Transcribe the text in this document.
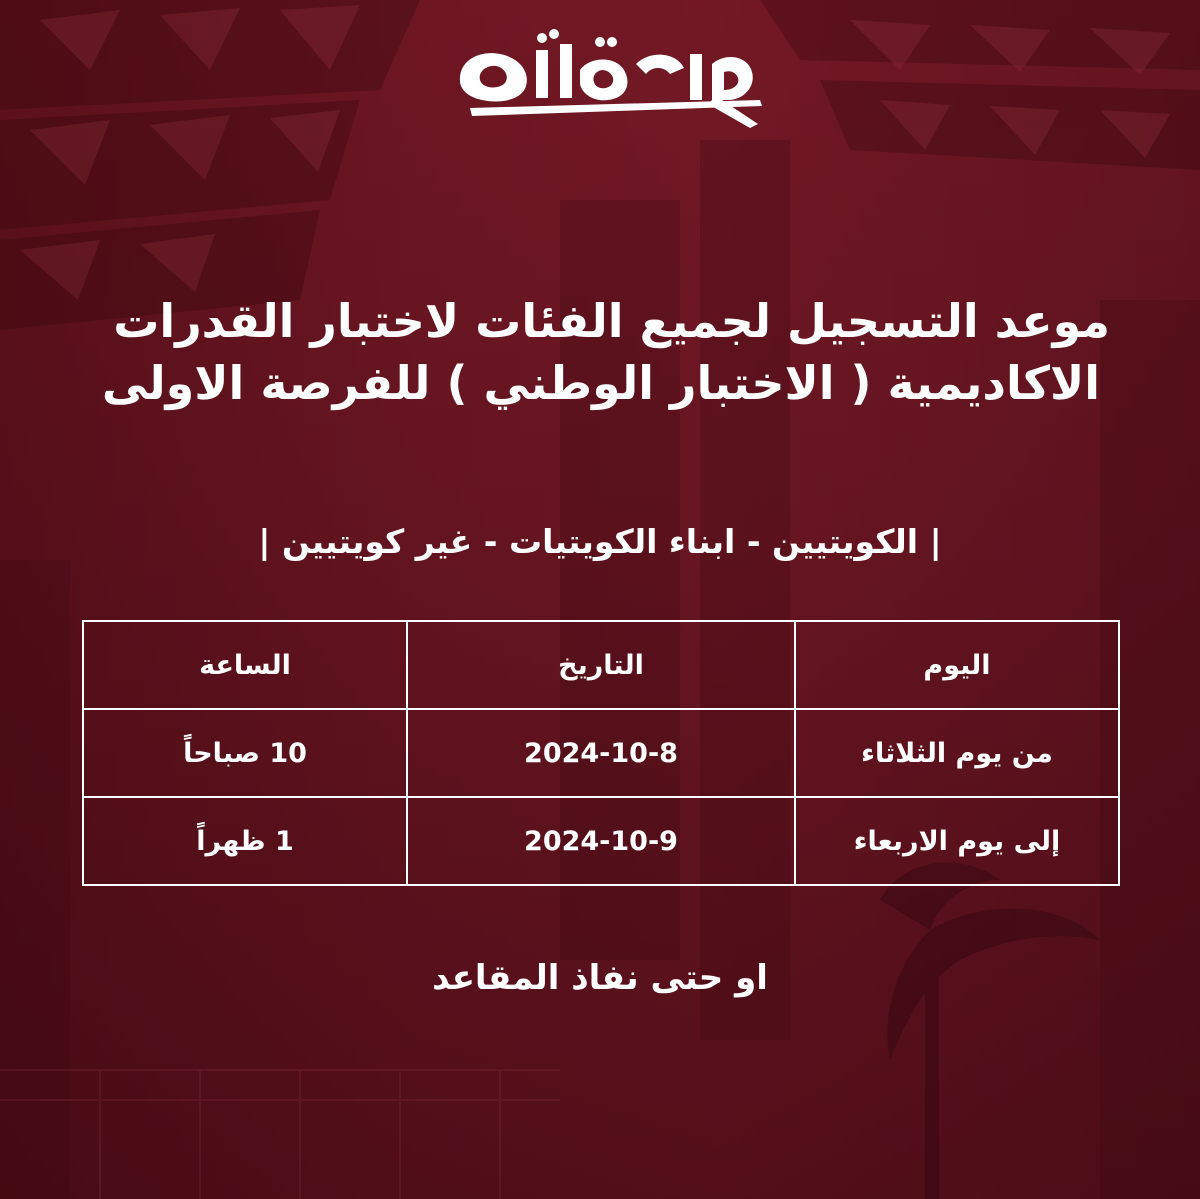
موعد التسجيل لجميع الفئات لاختبار القدرات
الاكاديمية ( الاختبار الوطني ) للفرصة الاولى
| الكويتيين - ابناء الكويتيات - غير كويتيين |
اليوم	التاريخ	الساعة
من يوم الثلاثاء	2024-10-8	10 صباحاً
إلى يوم الاربعاء	2024-10-9	1 ظهراً
او حتى نفاذ المقاعد
